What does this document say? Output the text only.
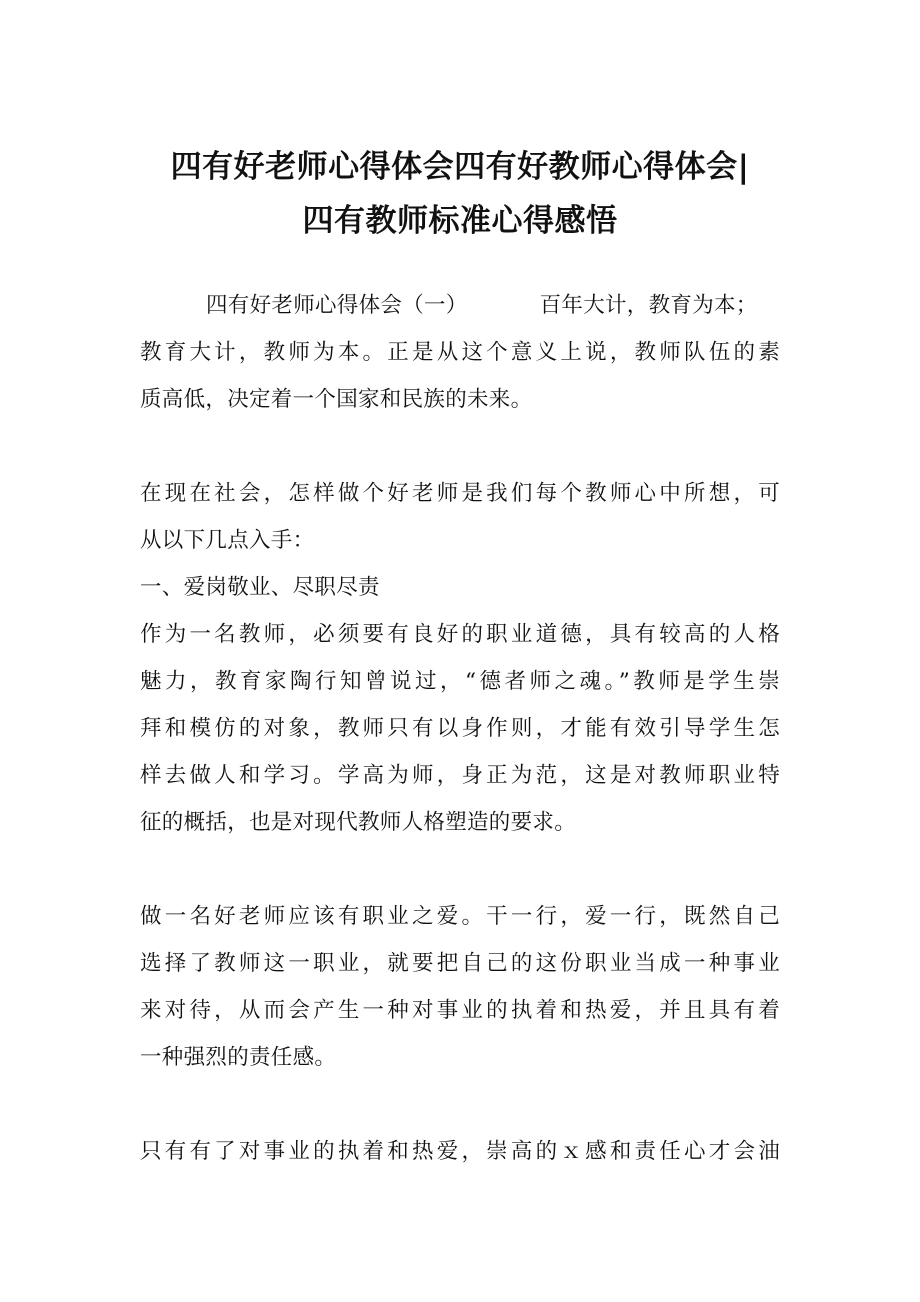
四有好老师心得体会四有好教师心得体会|
四有教师标准心得感悟
四有好老师心得体会（一）	百年大计，教育为本；
教育大计，教师为本。正是从这个意义上说，教师队伍的素
质高低，决定着一个国家和民族的未来。
在现在社会，怎样做个好老师是我们每个教师心中所想，可
从以下几点入手：
一、爱岗敬业、尽职尽责
作为一名教师，必须要有良好的职业道德，具有较高的人格
魅力，教育家陶行知曾说过，“德者师之魂。”教师是学生崇
拜和模仿的对象，教师只有以身作则，才能有效引导学生怎
样去做人和学习。学高为师，身正为范，这是对教师职业特
征的概括，也是对现代教师人格塑造的要求。
做一名好老师应该有职业之爱。干一行，爱一行，既然自己
选择了教师这一职业，就要把自己的这份职业当成一种事业
来对待，从而会产生一种对事业的执着和热爱，并且具有着
一种强烈的责任感。
只有有了对事业的执着和热爱，崇高的ｘ感和责任心才会油
